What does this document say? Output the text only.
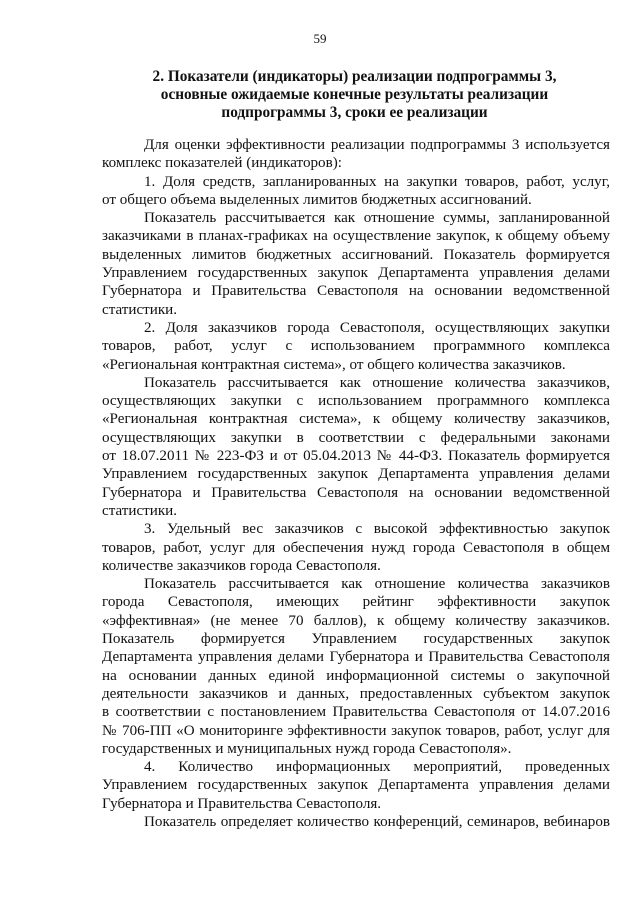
59
2. Показатели (индикаторы) реализации подпрограммы 3,
основные ожидаемые конечные результаты реализации
подпрограммы 3, сроки ее реализации
Для оценки эффективности реализации подпрограммы 3 используется
комплекс показателей (индикаторов):
1. Доля средств, запланированных на закупки товаров, работ, услуг,
от общего объема выделенных лимитов бюджетных ассигнований.
Показатель рассчитывается как отношение суммы, запланированной
заказчиками в планах-графиках на осуществление закупок, к общему объему
выделенных лимитов бюджетных ассигнований. Показатель формируется
Управлением государственных закупок Департамента управления делами
Губернатора и Правительства Севастополя на основании ведомственной
статистики.
2. Доля заказчиков города Севастополя, осуществляющих закупки
товаров, работ, услуг с использованием программного комплекса
«Региональная контрактная система», от общего количества заказчиков.
Показатель рассчитывается как отношение количества заказчиков,
осуществляющих закупки с использованием программного комплекса
«Региональная контрактная система», к общему количеству заказчиков,
осуществляющих закупки в соответствии с федеральными законами
от 18.07.2011 № 223-ФЗ и от 05.04.2013 № 44-ФЗ. Показатель формируется
Управлением государственных закупок Департамента управления делами
Губернатора и Правительства Севастополя на основании ведомственной
статистики.
3. Удельный вес заказчиков с высокой эффективностью закупок
товаров, работ, услуг для обеспечения нужд города Севастополя в общем
количестве заказчиков города Севастополя.
Показатель рассчитывается как отношение количества заказчиков
города Севастополя, имеющих рейтинг эффективности закупок
«эффективная» (не менее 70 баллов), к общему количеству заказчиков.
Показатель формируется Управлением государственных закупок
Департамента управления делами Губернатора и Правительства Севастополя
на основании данных единой информационной системы о закупочной
деятельности заказчиков и данных, предоставленных субъектом закупок
в соответствии с постановлением Правительства Севастополя от 14.07.2016
№ 706-ПП «О мониторинге эффективности закупок товаров, работ, услуг для
государственных и муниципальных нужд города Севастополя».
4. Количество информационных мероприятий, проведенных
Управлением государственных закупок Департамента управления делами
Губернатора и Правительства Севастополя.
Показатель определяет количество конференций, семинаров, вебинаров
